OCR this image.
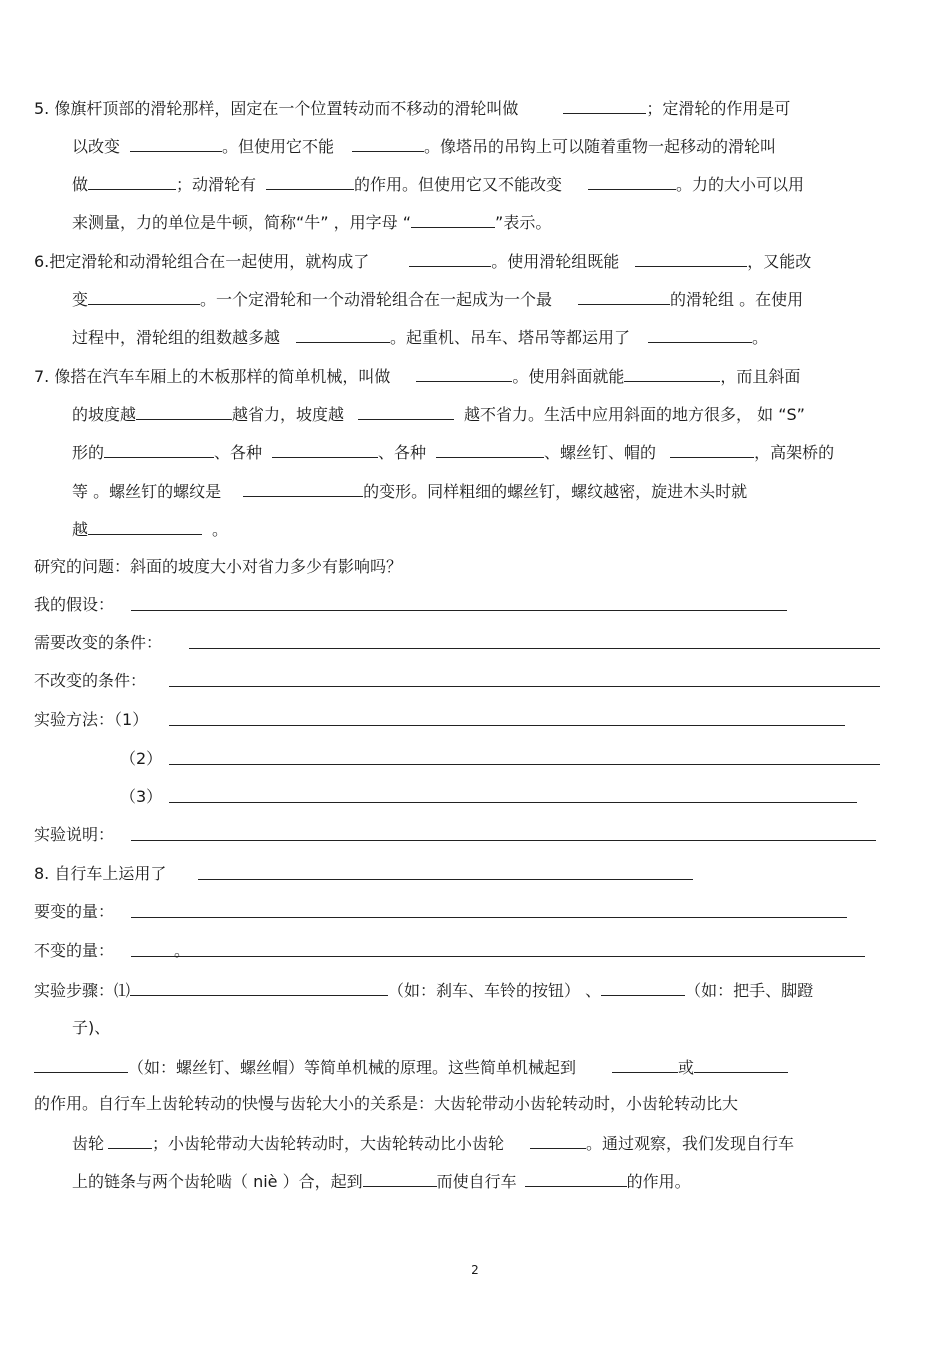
5. 像旗杆顶部的滑轮那样，固定在一个位置转动而不移动的滑轮叫做	；定滑轮的作用是可
以改变	。但使用它不能	。像塔吊的吊钩上可以随着重物一起移动的滑轮叫
做	；动滑轮有	的作用。但使用它又不能改变	。力的大小可以用
来测量，力的单位是牛顿，简称“牛” ，用字母 “	”表示。
6.把定滑轮和动滑轮组合在一起使用，就构成了	。使用滑轮组既能	，又能改
变	。一个定滑轮和一个动滑轮组合在一起成为一个最	的滑轮组 。在使用
过程中，滑轮组的组数越多越	。起重机、吊车、塔吊等都运用了	。
7. 像搭在汽车车厢上的木板那样的简单机械，叫做	。使用斜面就能	，而且斜面
的坡度越	越省力，坡度越	越不省力。生活中应用斜面的地方很多， 如 “S”
形的	、各种	、各种	、螺丝钉、帽的	，高架桥的
等 。螺丝钉的螺纹是	的变形。同样粗细的螺丝钉，螺纹越密，旋进木头时就
越	。
研究的问题：斜面的坡度大小对省力多少有影响吗？
我的假设：
需要改变的条件：
不改变的条件：
实验方法：（1）
（2）
（3）
实验说明：
8. 自行车上运用了
要变的量：
不变的量：	。
实验步骤：⑴	（如：刹车、车铃的按钮） 、	（如：把手、脚蹬
子)、
（如：螺丝钉、螺丝帽）等简单机械的原理。这些简单机械起到	或
的作用。自行车上齿轮转动的快慢与齿轮大小的关系是：大齿轮带动小齿轮转动时，小齿轮转动比大
齿轮	；小齿轮带动大齿轮转动时，大齿轮转动比小齿轮	。通过观察，我们发现自行车
上的链条与两个齿轮啮（ niè ）合，起到	而使自行车	的作用。
2
